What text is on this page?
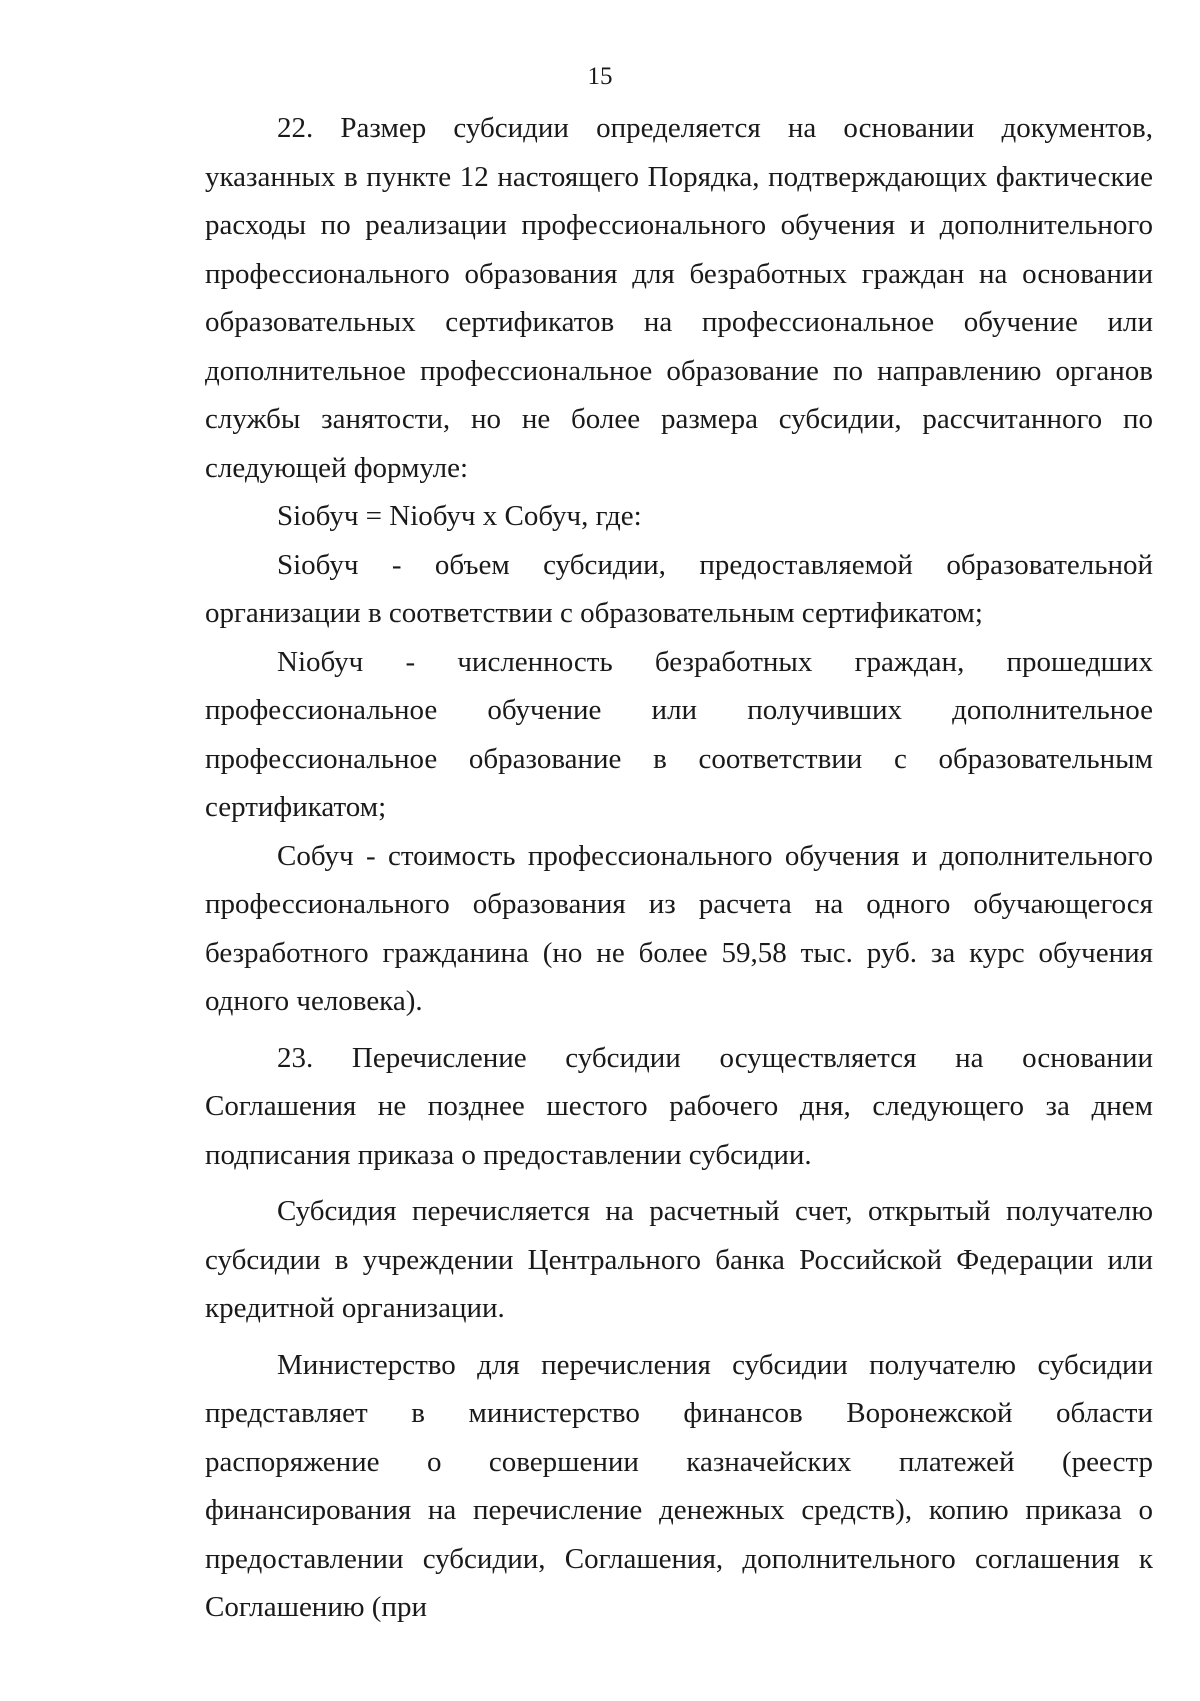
15

22. Размер субсидии определяется на основании документов, указанных в пункте 12 настоящего Порядка, подтверждающих фактические расходы по реализации профессионального обучения и дополнительного профессионального образования для безработных граждан на основании образовательных сертификатов на профессиональное обучение или дополнительное профессиональное образование по направлению органов службы занятости, но не более размера субсидии, рассчитанного по следующей формуле:

Siобуч = Niобуч x Cобуч, где:

Siобуч - объем субсидии, предоставляемой образовательной организации в соответствии с образовательным сертификатом;

Niобуч - численность безработных граждан, прошедших профессиональное обучение или получивших дополнительное профессиональное образование в соответствии с образовательным сертификатом;

Cобуч - стоимость профессионального обучения и дополнительного профессионального образования из расчета на одного обучающегося безработного гражданина (но не более 59,58 тыс. руб. за курс обучения одного человека).

23. Перечисление субсидии осуществляется на основании Соглашения не позднее шестого рабочего дня, следующего за днем подписания приказа о предоставлении субсидии.

Субсидия перечисляется на расчетный счет, открытый получателю субсидии в учреждении Центрального банка Российской Федерации или кредитной организации.

Министерство для перечисления субсидии получателю субсидии представляет в министерство финансов Воронежской области распоряжение о совершении казначейских платежей (реестр финансирования на перечисление денежных средств), копию приказа о предоставлении субсидии, Соглашения, дополнительного соглашения к Соглашению (при
